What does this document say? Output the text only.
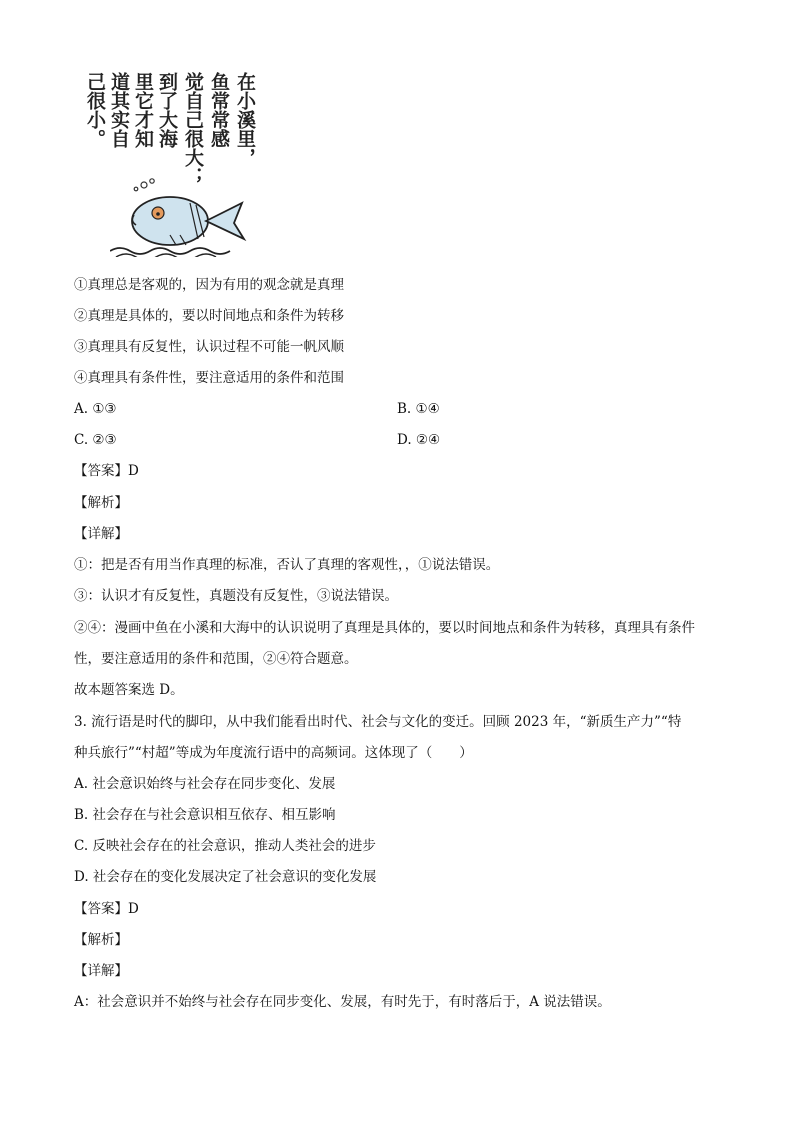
在小溪里，
鱼常常感
觉自己很大；
到了大海
里它才知
道其实自
己很小。
①真理总是客观的，因为有用的观念就是真理
②真理是具体的，要以时间地点和条件为转移
③真理具有反复性，认识过程不可能一帆风顺
④真理具有条件性，要注意适用的条件和范围
A. ①③	B. ①④
C. ②③	D. ②④
【答案】D
【解析】
【详解】
①：把是否有用当作真理的标准，否认了真理的客观性，，①说法错误。
③：认识才有反复性，真题没有反复性，③说法错误。
②④：漫画中鱼在小溪和大海中的认识说明了真理是具体的，要以时间地点和条件为转移，真理具有条件
性，要注意适用的条件和范围，②④符合题意。
故本题答案选 D。
3. 流行语是时代的脚印，从中我们能看出时代、社会与文化的变迁。回顾 2023 年，“新质生产力”“特
种兵旅行”“村超”等成为年度流行语中的高频词。这体现了（　　）
A. 社会意识始终与社会存在同步变化、发展
B. 社会存在与社会意识相互依存、相互影响
C. 反映社会存在的社会意识，推动人类社会的进步
D. 社会存在的变化发展决定了社会意识的变化发展
【答案】D
【解析】
【详解】
A：社会意识并不始终与社会存在同步变化、发展，有时先于，有时落后于，A 说法错误。
